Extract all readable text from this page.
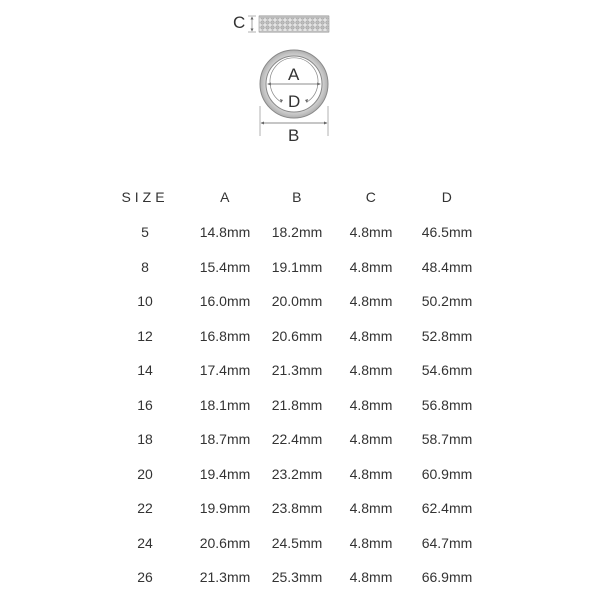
C
A
D
B
SIZE	A	B	C	D
5	14.8mm	18.2mm	4.8mm	46.5mm
8	15.4mm	19.1mm	4.8mm	48.4mm
10	16.0mm	20.0mm	4.8mm	50.2mm
12	16.8mm	20.6mm	4.8mm	52.8mm
14	17.4mm	21.3mm	4.8mm	54.6mm
16	18.1mm	21.8mm	4.8mm	56.8mm
18	18.7mm	22.4mm	4.8mm	58.7mm
20	19.4mm	23.2mm	4.8mm	60.9mm
22	19.9mm	23.8mm	4.8mm	62.4mm
24	20.6mm	24.5mm	4.8mm	64.7mm
26	21.3mm	25.3mm	4.8mm	66.9mm
